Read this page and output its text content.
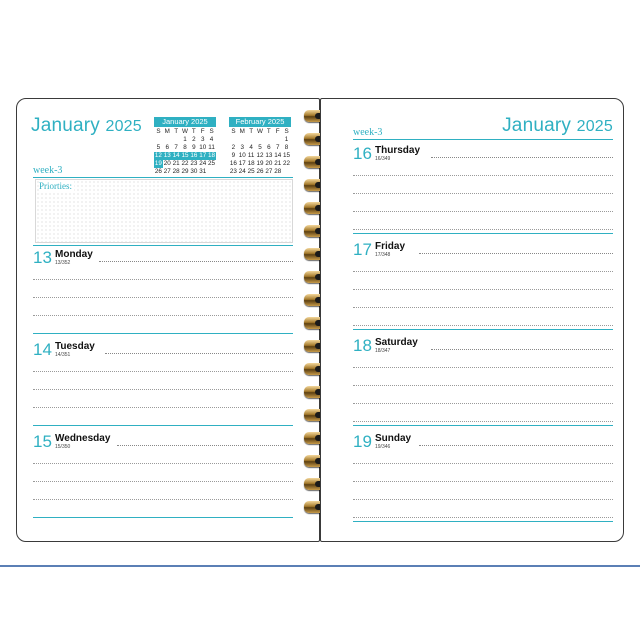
January 2025	January 2025
S M T W T F S
1 2 3 4
5 6 7 8 9 10 11
12 13 14 15 16 17 18
19 20 21 22 23 24 25
26 27 28 29 30 31
February 2025
S M T W T F S
1
2 3 4 5 6 7 8
9 10 11 12 13 14 15
16 17 18 19 20 21 22
23 24 25 26 27 28
week-3
Priorties:
13 Monday
13/352
14 Tuesday
14/351
15 Wednesday
15/350
week-3	January 2025
16 Thursday
16/349
17 Friday
17/348
18 Saturday
18/347
19 Sunday
19/346
